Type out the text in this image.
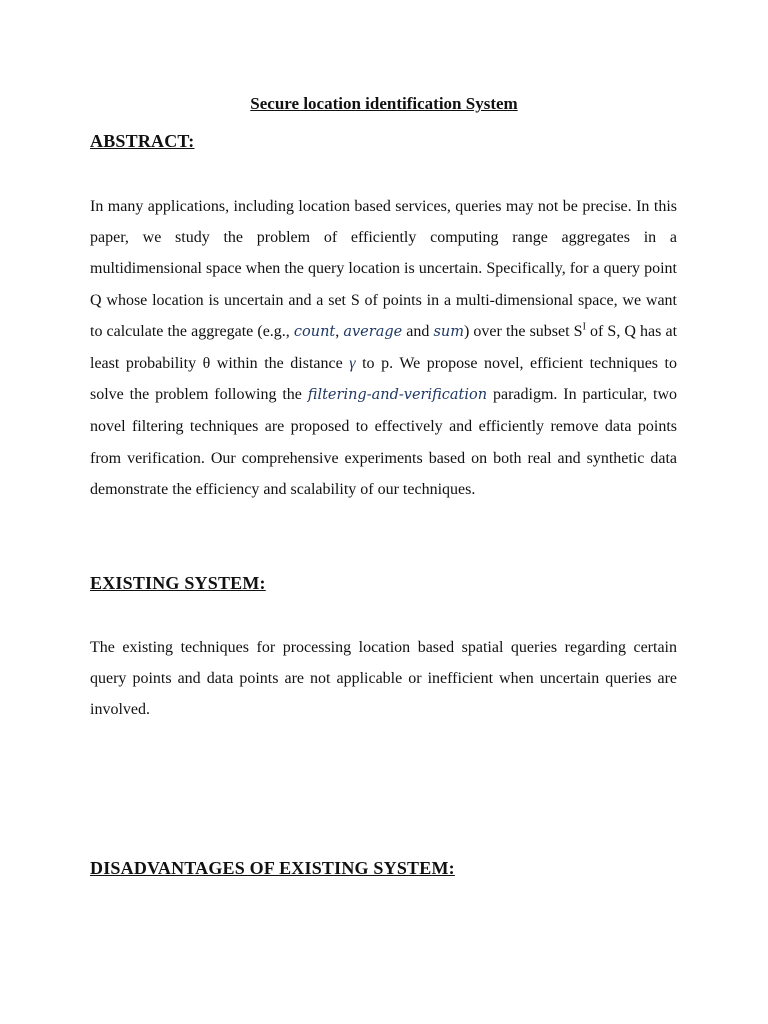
Secure location identification System
ABSTRACT:

In many applications, including location based services, queries may not be precise. In this paper, we study the problem of efficiently computing range aggregates in a multidimensional space when the query location is uncertain. Specifically, for a query point Q whose location is uncertain and a set S of points in a multi-dimensional space, we want to calculate the aggregate (e.g., count, average and sum) over the subset $S^I$ of S, Q has at least probability θ within the distance γ to p. We propose novel, efficient techniques to solve the problem following the filtering-and-verification paradigm. In particular, two novel filtering techniques are proposed to effectively and efficiently remove data points from verification. Our comprehensive experiments based on both real and synthetic data demonstrate the efficiency and scalability of our techniques.

EXISTING SYSTEM:

The existing techniques for processing location based spatial queries regarding certain query points and data points are not applicable or inefficient when uncertain queries are involved.

DISADVANTAGES OF EXISTING SYSTEM:
